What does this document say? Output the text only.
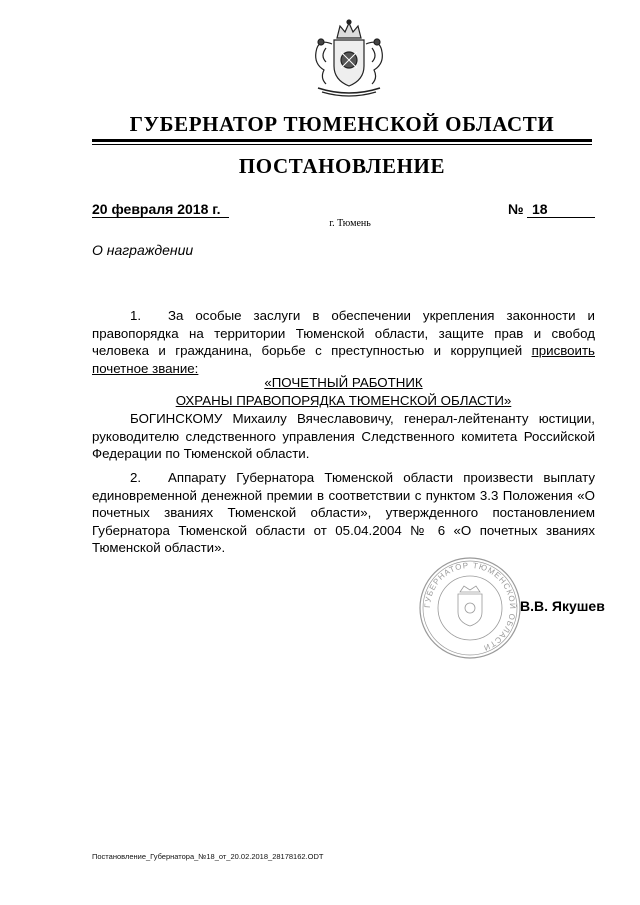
ГУБЕРНАТОР ТЮМЕНСКОЙ ОБЛАСТИ
ПОСТАНОВЛЕНИЕ
20 февраля 2018 г.	№ 18
г. Тюмень
О награждении
1. За особые заслуги в обеспечении укрепления законности и правопорядка на территории Тюменской области, защите прав и свобод человека и гражданина, борьбе с преступностью и коррупцией присвоить почетное звание:
«ПОЧЕТНЫЙ РАБОТНИК
ОХРАНЫ ПРАВОПОРЯДКА ТЮМЕНСКОЙ ОБЛАСТИ»
БОГИНСКОМУ Михаилу Вячеславовичу, генерал-лейтенанту юстиции, руководителю следственного управления Следственного комитета Российской Федерации по Тюменской области.
2. Аппарату Губернатора Тюменской области произвести выплату единовременной денежной премии в соответствии с пунктом 3.3 Положения «О почетных званиях Тюменской области», утвержденного постановлением Губернатора Тюменской области от 05.04.2004 № 6 «О почетных званиях Тюменской области».
ГУБЕРНАТОР ТЮМЕНСКОЙ ОБЛАСТИ
В.В. Якушев
Постановление_Губернатора_№18_от_20.02.2018_28178162.ODT
